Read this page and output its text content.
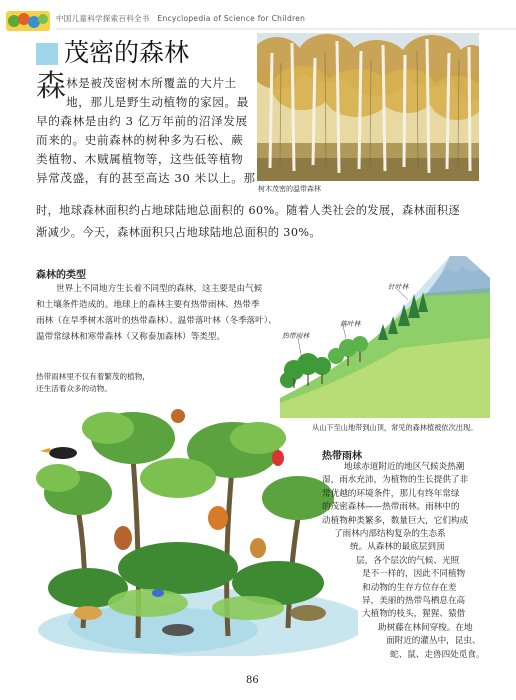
中国儿童科学探索百科全书　Encyclopedia of Science for Children
茂密的森林
树木茂密的温带森林
森 林是被茂密树木所覆盖的大片土
地，那儿是野生动植物的家园。最
早的森林是由约 3 亿万年前的沼泽发展
而来的。史前森林的树种多为石松、蕨
类植物、木贼属植物等，这些低等植物
异常茂盛，有的甚至高达 30 米以上。那
时，地球森林面积约占地球陆地总面积的 60%。随着人类社会的发展，森林面积逐
渐减少。今天，森林面积只占地球陆地总面积的 30%。
森林的类型
世界上不同地方生长着不同型的森林，这主要是由气候
和土壤条件造成的。地球上的森林主要有热带雨林、热带季
雨林（在旱季树木落叶的热带森林）、温带落叶林（冬季落叶）、
温带常绿林和寒带森林（又称泰加森林）等类型。
热带雨林里不仅有着繁茂的植物，
还生活着众多的动物。
针叶林
落叶林
热带雨林
从山下至山地带到山顶，常见的森林植被依次出现。
热带雨林
地球赤道附近的地区气候炎热潮
湿，雨水充沛，为植物的生长提供了非
常优越的环境条件，那儿有终年常绿
的茂密森林——热带雨林。雨林中的
动植物种类繁多，数量巨大，它们构成
了雨林内部结构复杂的生态系
统。从森林的最底层到顶
层，各个层次的气候、光照
是不一样的，因此不同植物
和动物的生存方位存在差
异，美丽的热带鸟栖息在高
大植物的枝头，猩猩、猿借
助树藤在林间穿梭。在地
面附近的灌丛中，昆虫、
蛇、鼠、走兽四处觅食。
86
